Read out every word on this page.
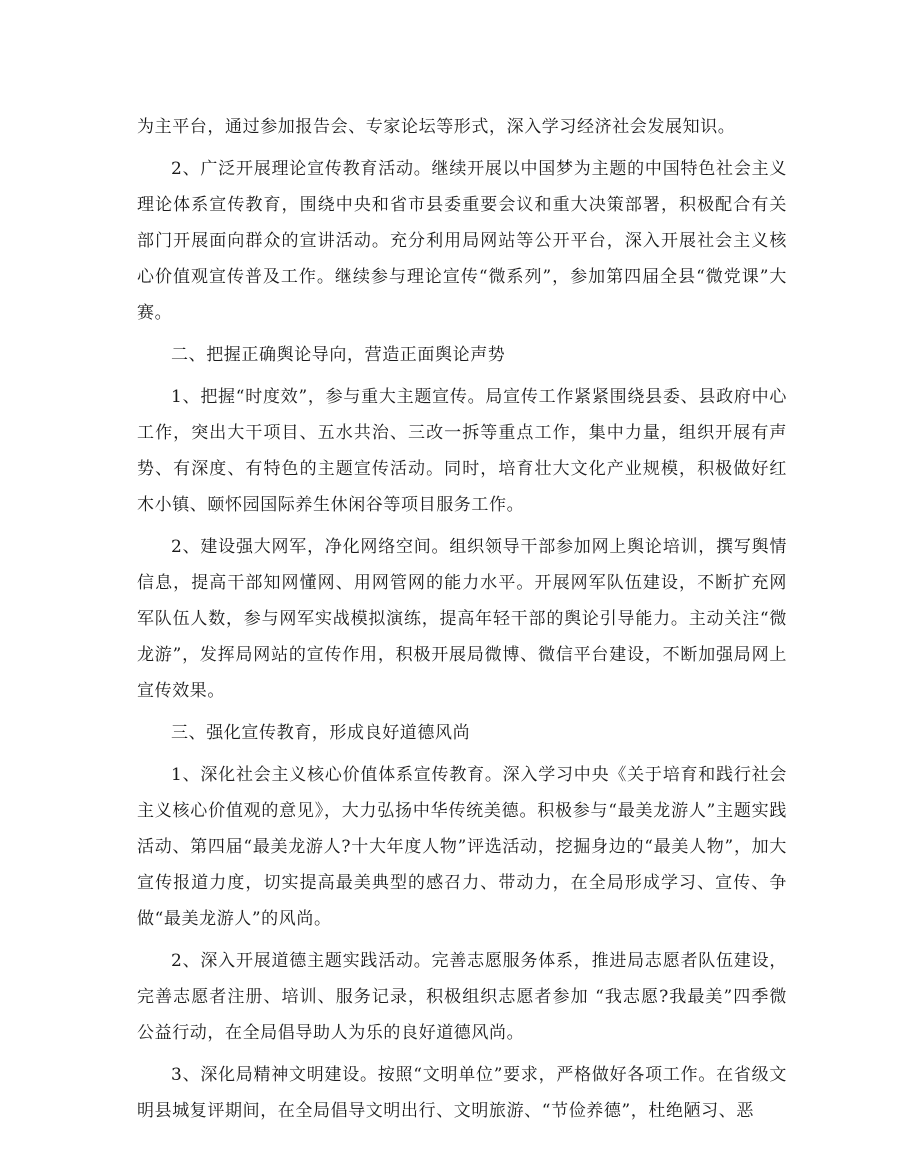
为主平台，通过参加报告会、专家论坛等形式，深入学习经济社会发展知识。

2、广泛开展理论宣传教育活动。继续开展以中国梦为主题的中国特色社会主义理论体系宣传教育，围绕中央和省市县委重要会议和重大决策部署，积极配合有关部门开展面向群众的宣讲活动。充分利用局网站等公开平台，深入开展社会主义核心价值观宣传普及工作。继续参与理论宣传“微系列”，参加第四届全县“微党课”大赛。

二、把握正确舆论导向，营造正面舆论声势

1、把握“时度效”，参与重大主题宣传。局宣传工作紧紧围绕县委、县政府中心工作，突出大干项目、五水共治、三改一拆等重点工作，集中力量，组织开展有声势、有深度、有特色的主题宣传活动。同时，培育壮大文化产业规模，积极做好红木小镇、颐怀园国际养生休闲谷等项目服务工作。

2、建设强大网军，净化网络空间。组织领导干部参加网上舆论培训，撰写舆情信息，提高干部知网懂网、用网管网的能力水平。开展网军队伍建设，不断扩充网军队伍人数，参与网军实战模拟演练，提高年轻干部的舆论引导能力。主动关注“微龙游”，发挥局网站的宣传作用，积极开展局微博、微信平台建设，不断加强局网上宣传效果。

三、强化宣传教育，形成良好道德风尚

1、深化社会主义核心价值体系宣传教育。深入学习中央《关于培育和践行社会主义核心价值观的意见》，大力弘扬中华传统美德。积极参与“最美龙游人”主题实践活动、第四届“最美龙游人?十大年度人物”评选活动，挖掘身边的“最美人物”，加大宣传报道力度，切实提高最美典型的感召力、带动力，在全局形成学习、宣传、争做“最美龙游人”的风尚。

2、深入开展道德主题实践活动。完善志愿服务体系，推进局志愿者队伍建设，完善志愿者注册、培训、服务记录，积极组织志愿者参加 “我志愿?我最美”四季微公益行动，在全局倡导助人为乐的良好道德风尚。

3、深化局精神文明建设。按照“文明单位”要求，严格做好各项工作。在省级文明县城复评期间，在全局倡导文明出行、文明旅游、“节俭养德”，杜绝陋习、恶
